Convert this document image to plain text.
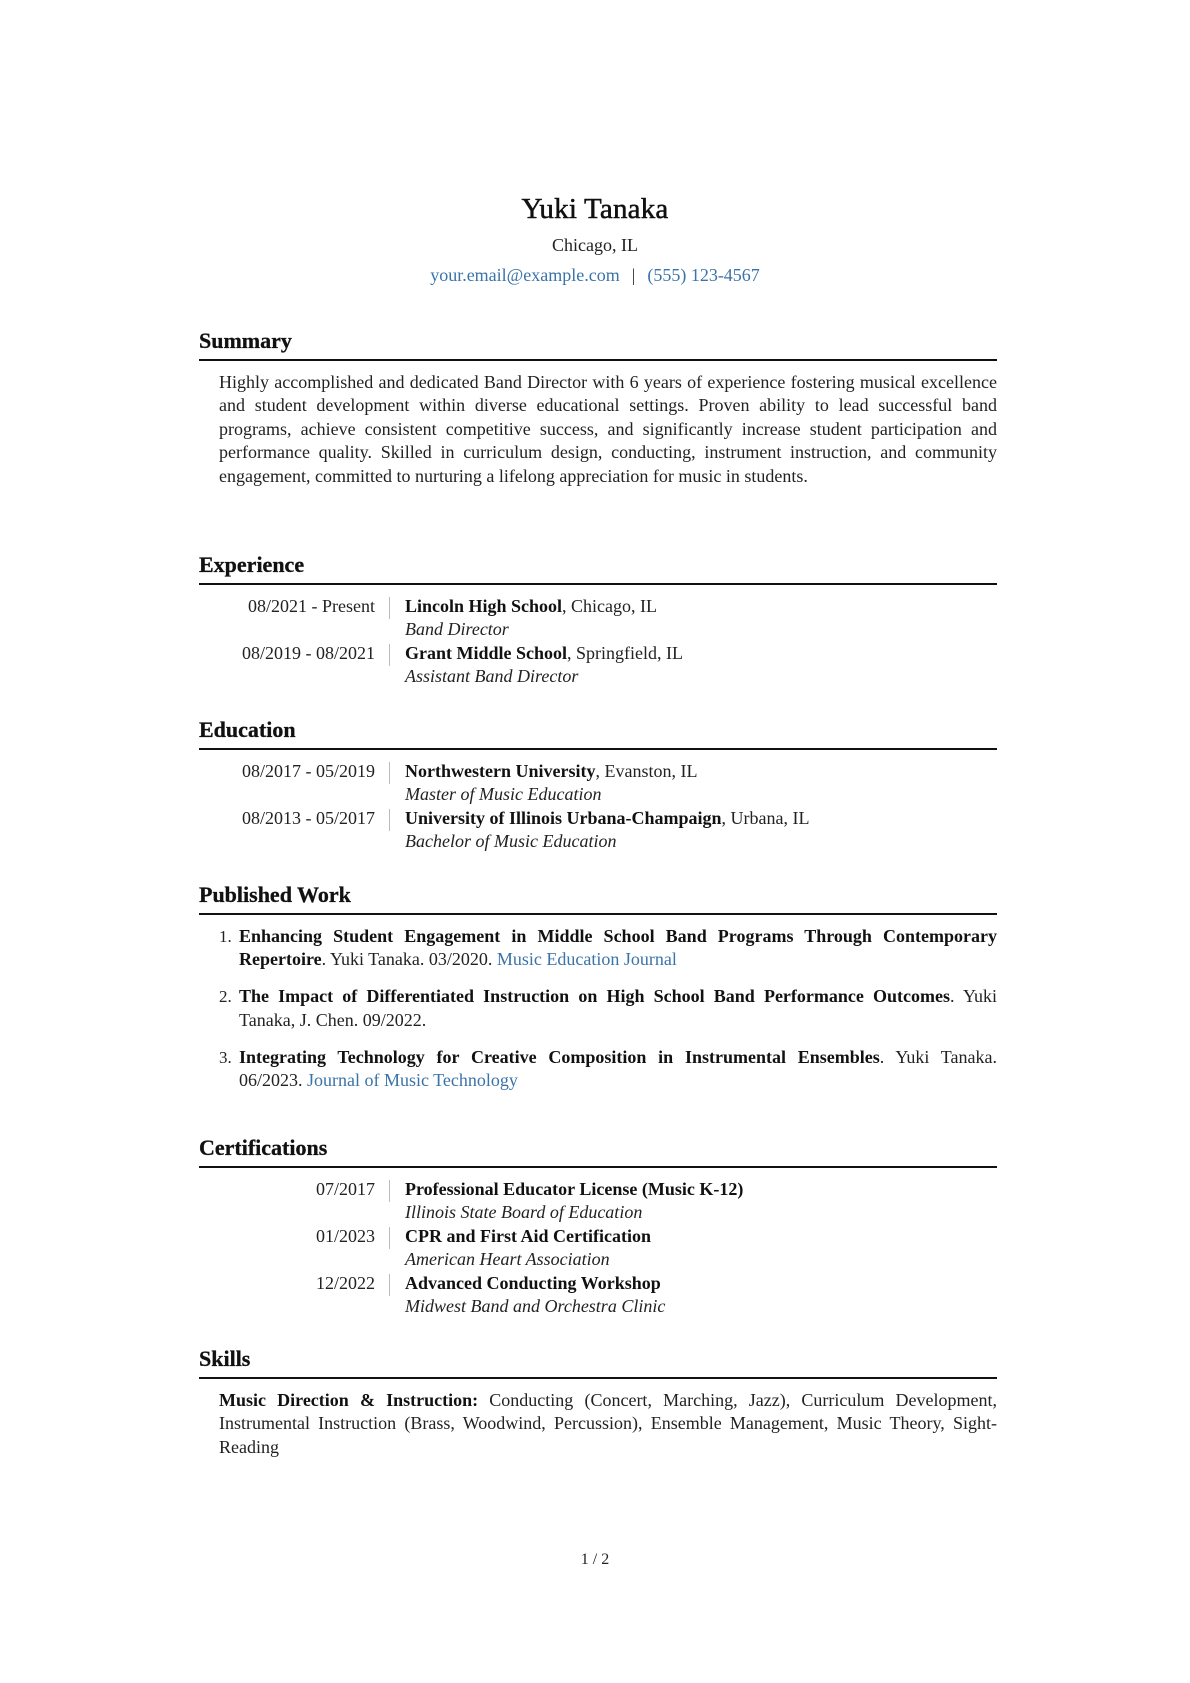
Yuki Tanaka
Chicago, IL
your.email@example.com | (555) 123-4567
Summary

Highly accomplished and dedicated Band Director with 6 years of experience fostering musical excellence and student development within diverse educational settings. Proven ability to lead successful band programs, achieve consistent competitive success, and significantly increase student participation and performance quality. Skilled in curriculum design, conducting, instrument instruction, and community engagement, committed to nurturing a lifelong appreciation for music in students.

Experience
08/2021 - Present	Lincoln High School, Chicago, IL
Band Director
08/2019 - 08/2021	Grant Middle School, Springfield, IL
Assistant Band Director
Education
08/2017 - 05/2019	Northwestern University, Evanston, IL
Master of Music Education
08/2013 - 05/2017	University of Illinois Urbana-Champaign, Urbana, IL
Bachelor of Music Education
Published Work
1. Enhancing Student Engagement in Middle School Band Programs Through Contemporary Repertoire. Yuki Tanaka. 03/2020. Music Education Journal
2. The Impact of Differentiated Instruction on High School Band Performance Outcomes. Yuki Tanaka, J. Chen. 09/2022.
3. Integrating Technology for Creative Composition in Instrumental Ensembles. Yuki Tanaka. 06/2023. Journal of Music Technology
Certifications
07/2017	Professional Educator License (Music K-12)
Illinois State Board of Education
01/2023	CPR and First Aid Certification
American Heart Association
12/2022	Advanced Conducting Workshop
Midwest Band and Orchestra Clinic
Skills

Music Direction & Instruction: Conducting (Concert, Marching, Jazz), Curriculum Development, Instrumental Instruction (Brass, Woodwind, Percussion), Ensemble Management, Music Theory, Sight-Reading

1 / 2
